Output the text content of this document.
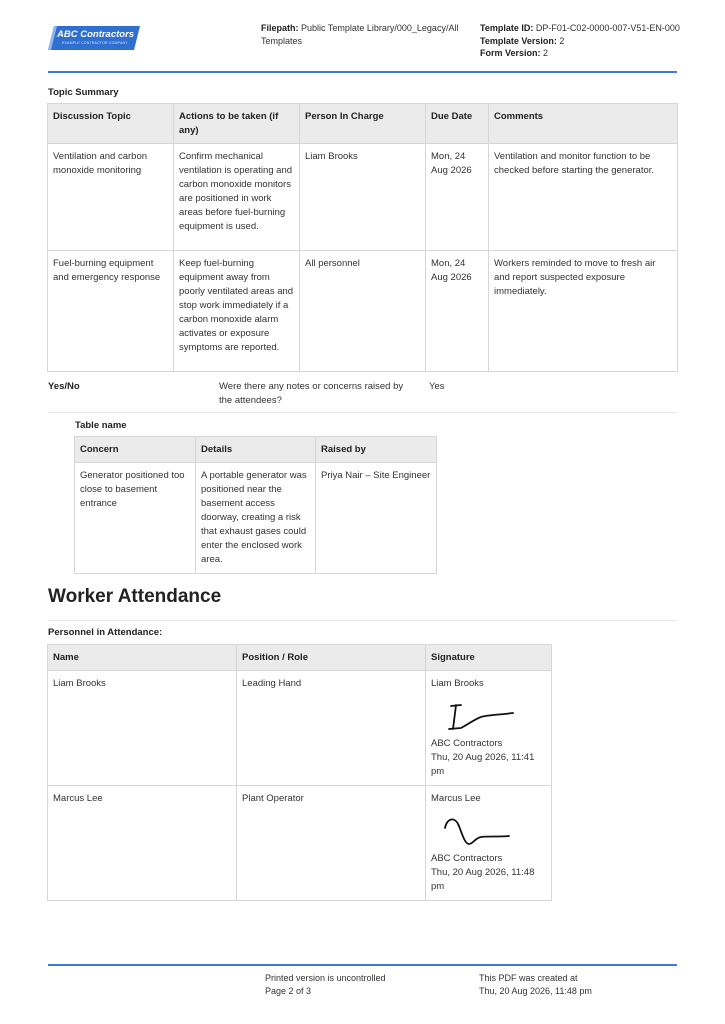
ABC Contractors
EXAMPLE CONTRACTOR COMPANY
Filepath: Public Template Library/000_Legacy/All Templates
Template ID: DP-F01-C02-0000-007-V51-EN-000
Template Version: 2
Form Version: 2
Topic Summary
Discussion Topic	Actions to be taken (if any)	Person In Charge	Due Date	Comments
Ventilation and carbon monoxide monitoring	Confirm mechanical ventilation is operating and carbon monoxide monitors are positioned in work areas before fuel-burning equipment is used.	Liam Brooks	Mon, 24 Aug 2026	Ventilation and monitor function to be checked before starting the generator.
Fuel-burning equipment and emergency response	Keep fuel-burning equipment away from poorly ventilated areas and stop work immediately if a carbon monoxide alarm activates or exposure symptoms are reported.	All personnel	Mon, 24 Aug 2026	Workers reminded to move to fresh air and report suspected exposure immediately.
Yes/No	Were there any notes or concerns raised by the attendees?
Yes
Table name
Concern	Details	Raised by
Generator positioned too close to basement entrance	A portable generator was positioned near the basement access doorway, creating a risk that exhaust gases could enter the enclosed work area.	Priya Nair – Site Engineer
Worker Attendance
Personnel in Attendance:
Name	Position / Role	Signature
Liam Brooks	Leading Hand	Liam Brooks
ABC Contractors
Thu, 20 Aug 2026, 11:41 pm

Marcus Lee	Plant Operator	Marcus Lee
ABC Contractors
Thu, 20 Aug 2026, 11:48 pm
Printed version is uncontrolled
Page 2 of 3
This PDF was created at
Thu, 20 Aug 2026, 11:48 pm
